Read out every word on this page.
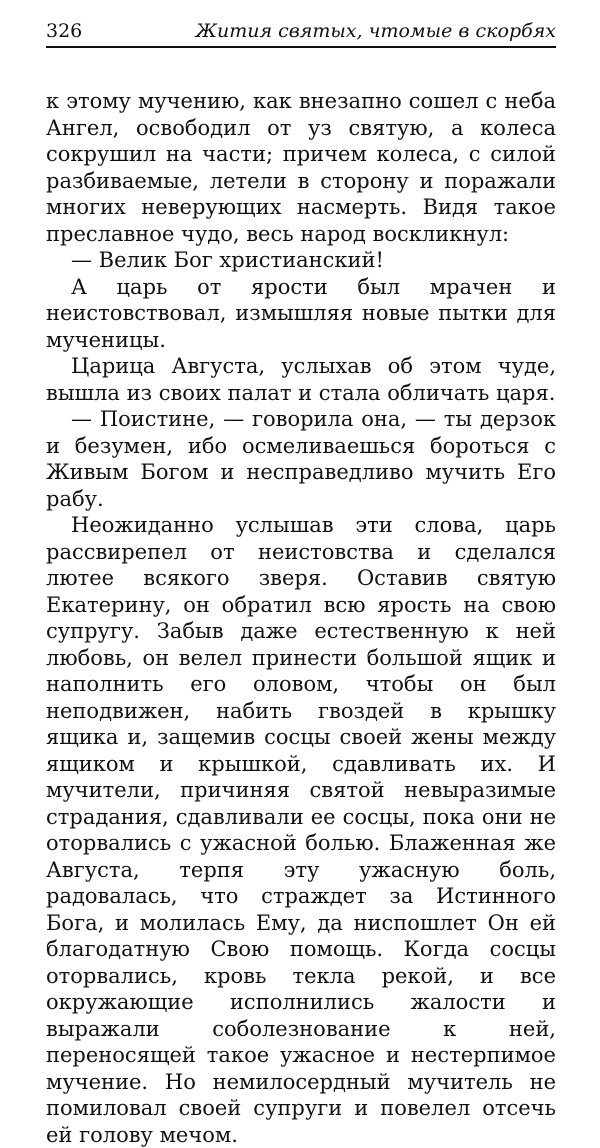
326	Жития святых, чтомые в скорбях

к этому мучению, как внезапно сошел с неба Ангел, освободил от уз святую, а колеса сокрушил на части; причем колеса, с силой разбиваемые, летели в сторону и поражали многих неверующих насмерть. Видя такое преславное чудо, весь народ воскликнул:

— Велик Бог христианский!

А царь от ярости был мрачен и неистовствовал, измышляя новые пытки для мученицы.

Царица Августа, услыхав об этом чуде, вышла из своих палат и стала обличать царя.

— Поистине, — говорила она, — ты дерзок и безумен, ибо осмеливаешься бороться с Живым Богом и несправедливо мучить Его рабу.

Неожиданно услышав эти слова, царь рассвирепел от неистовства и сделался лютее всякого зверя. Оставив святую Екатерину, он обратил всю ярость на свою супругу. Забыв даже естественную к ней любовь, он велел принести большой ящик и наполнить его оловом, чтобы он был неподвижен, набить гвоздей в крышку ящика и, защемив сосцы своей жены между ящиком и крышкой, сдавливать их. И мучители, причиняя святой невыразимые страдания, сдавливали ее сосцы, пока они не оторвались с ужасной болью. Блаженная же Августа, терпя эту ужасную боль, радовалась, что страждет за Истинного Бога, и молилась Ему, да ниспошлет Он ей благодатную Свою помощь. Когда сосцы оторвались, кровь текла рекой, и все окружающие исполнились жалости и выражали соболезнование к ней, переносящей такое ужасное и нестерпимое мучение. Но немилосердный мучитель не помиловал своей супруги и повелел отсечь ей голову мечом.
